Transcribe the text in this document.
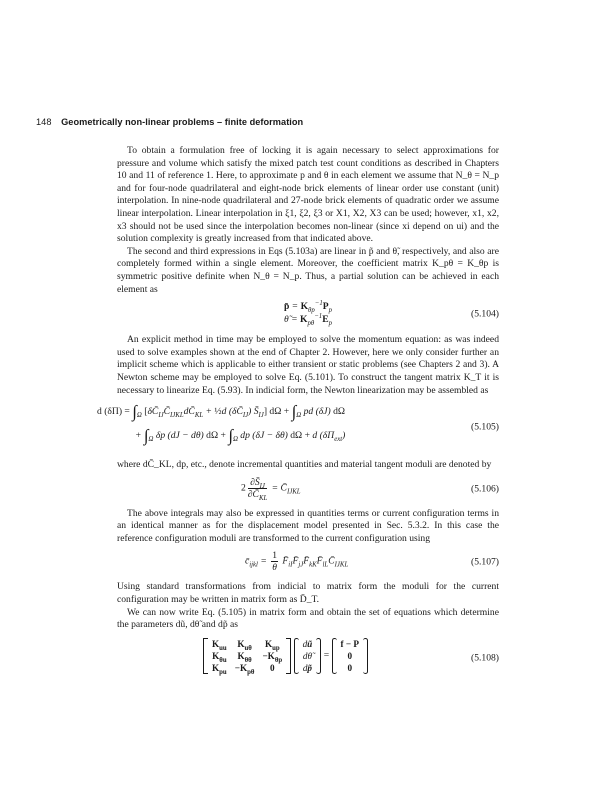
148 Geometrically non-linear problems – finite deformation

To obtain a formulation free of locking it is again necessary to select approximations for pressure and volume which satisfy the mixed patch test count conditions as described in Chapters 10 and 11 of reference 1. Here, to approximate p and θ in each element we assume that N_θ = N_p and for four-node quadrilateral and eight-node brick elements of linear order use constant (unit) interpolation. In nine-node quadrilateral and 27-node brick elements of quadratic order we assume linear interpolation. Linear interpolation in ξ1, ξ2, ξ3 or X1, X2, X3 can be used; however, x1, x2, x3 should not be used since the interpolation becomes non-linear (since xi depend on ui) and the solution complexity is greatly increased from that indicated above.

The second and third expressions in Eqs (5.103a) are linear in p̃ and θ̃, respectively, and also are completely formed within a single element. Moreover, the coefficient matrix K_pθ = K_θp is symmetric positive definite when N_θ = N_p. Thus, a partial solution can be achieved in each element as

p̃ = $K_{\theta p}^{-1}P_p$
θ̃ = $K_{p\theta}^{-1}E_p$
(5.104)

An explicit method in time may be employed to solve the momentum equation: as was indeed used to solve examples shown at the end of Chapter 2. However, here we only consider further an implicit scheme which is applicable to either transient or static problems (see Chapters 2 and 3). A Newton scheme may be employed to solve Eq. (5.101). To construct the tangent matrix K_T it is necessary to linearize Eq. (5.93). In indicial form, the Newton linearization may be assembled as

d $(\delta\Pi) = \int_\Omega$ [$\delta C̄_{IJ}C̄_{IJKL}dC̄_{KL}$ + ½d $(\delta C̄_{IJ})$ $S̄_{IJ}$] $d\Omega + \int_\Omega$ pd (δJ) dΩ
+ $\int_\Omega$ δp (dJ − dθ) $d\Omega + \int_\Omega$ dp (δJ − δθ) dΩ + d $(\delta\Pi_{ext})$
(5.105)

where dC̄_KL, dp, etc., denote incremental quantities and material tangent moduli are denoted by

$2 \frac{\partial S̄_{IJ}}{\partial C̄_{KL}}$ = $C̄_{IJKL}$	(5.106)

The above integrals may also be expressed in quantities terms or current configuration terms in an identical manner as for the displacement model presented in Sec. 5.3.2. In this case the reference configuration moduli are transformed to the current configuration using

$c̄_{ijkl} = \frac{1}{\theta}$ $F̄_{iI}F̄_{jJ}F̄_{kK}F̄_{lL}C̄_{IJKL}$	(5.107)

Using standard transformations from indicial to matrix form the moduli for the current configuration may be written in matrix form as D̄_T.

We can now write Eq. (5.105) in matrix form and obtain the set of equations which determine the parameters dũ, dθ̃ and dp̃ as

$K_{uu}$	$K_{u\theta}$	$K_{up}$
$K_{\theta u}$	$K_{\theta\theta}$	$-K_{\theta p}$
$K_{pu}$	$-K_{p\theta}$	0

dũ
dθ̃
dp̃
=
f − P
0
0
(5.108)
